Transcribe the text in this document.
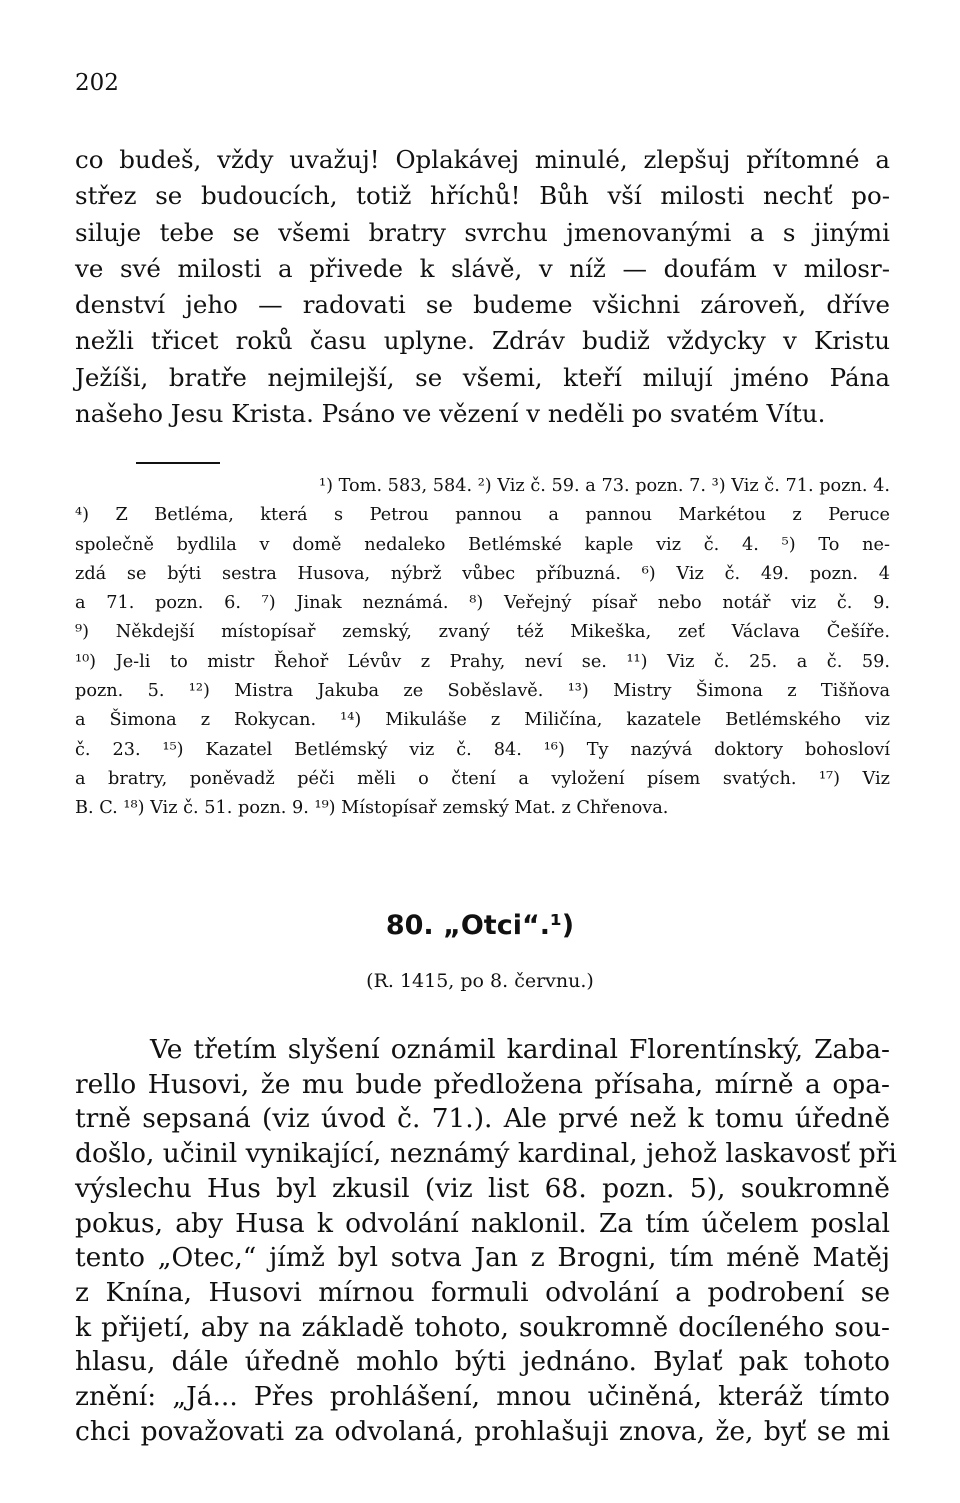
202
co budeš, vždy uvažuj! Oplakávej minulé, zlepšuj přítomné a
střez se budoucích, totiž hříchů! Bůh vší milosti nechť po-
siluje tebe se všemi bratry svrchu jmenovanými a s jinými
ve své milosti a přivede k slávě, v níž — doufám v milosr-
denství jeho — radovati se budeme všichni zároveň, dříve
nežli třicet roků času uplyne. Zdráv budiž vždycky v Kristu
Ježíši, bratře nejmilejší, se všemi, kteří milují jméno Pána
našeho Jesu Krista. Psáno ve vězení v neděli po svatém Vítu.
¹) Tom. 583, 584. ²) Viz č. 59. a 73. pozn. 7. ³) Viz č. 71. pozn. 4.
⁴) Z Betléma, která s Petrou pannou a pannou Markétou z Peruce
společně bydlila v domě nedaleko Betlémské kaple viz č. 4. ⁵) To ne-
zdá se býti sestra Husova, nýbrž vůbec příbuzná. ⁶) Viz č. 49. pozn. 4
a 71. pozn. 6. ⁷) Jinak neznámá. ⁸) Veřejný písař nebo notář viz č. 9.
⁹) Někdejší místopísař zemský, zvaný též Mikeška, zeť Václava Češíře.
¹⁰) Je-li to mistr Řehoř Lévův z Prahy, neví se. ¹¹) Viz č. 25. a č. 59.
pozn. 5. ¹²) Mistra Jakuba ze Soběslavě. ¹³) Mistry Šimona z Tišňova
a Šimona z Rokycan. ¹⁴) Mikuláše z Miličína, kazatele Betlémského viz
č. 23. ¹⁵) Kazatel Betlémský viz č. 84. ¹⁶) Ty nazývá doktory bohosloví
a bratry, poněvadž péči měli o čtení a vyložení písem svatých. ¹⁷) Viz
B. C. ¹⁸) Viz č. 51. pozn. 9. ¹⁹) Místopísař zemský Mat. z Chřenova.
80. „Otci“.¹)
(R. 1415, po 8. červnu.)
Ve třetím slyšení oznámil kardinal Florentínský, Zaba-
rello Husovi, že mu bude předložena přísaha, mírně a opa-
trně sepsaná (viz úvod č. 71.). Ale prvé než k tomu úředně
došlo, učinil vynikající, neznámý kardinal, jehož laskavosť při
výslechu Hus byl zkusil (viz list 68. pozn. 5), soukromně
pokus, aby Husa k odvolání naklonil. Za tím účelem poslal
tento „Otec,“ jímž byl sotva Jan z Brogni, tím méně Matěj
z Knína, Husovi mírnou formuli odvolání a podrobení se
k přijetí, aby na základě tohoto, soukromně docíleného sou-
hlasu, dále úředně mohlo býti jednáno. Bylať pak tohoto
znění: „Já... Přes prohlášení, mnou učiněná, kteráž tímto
chci považovati za odvolaná, prohlašuji znova, že, byť se mi
